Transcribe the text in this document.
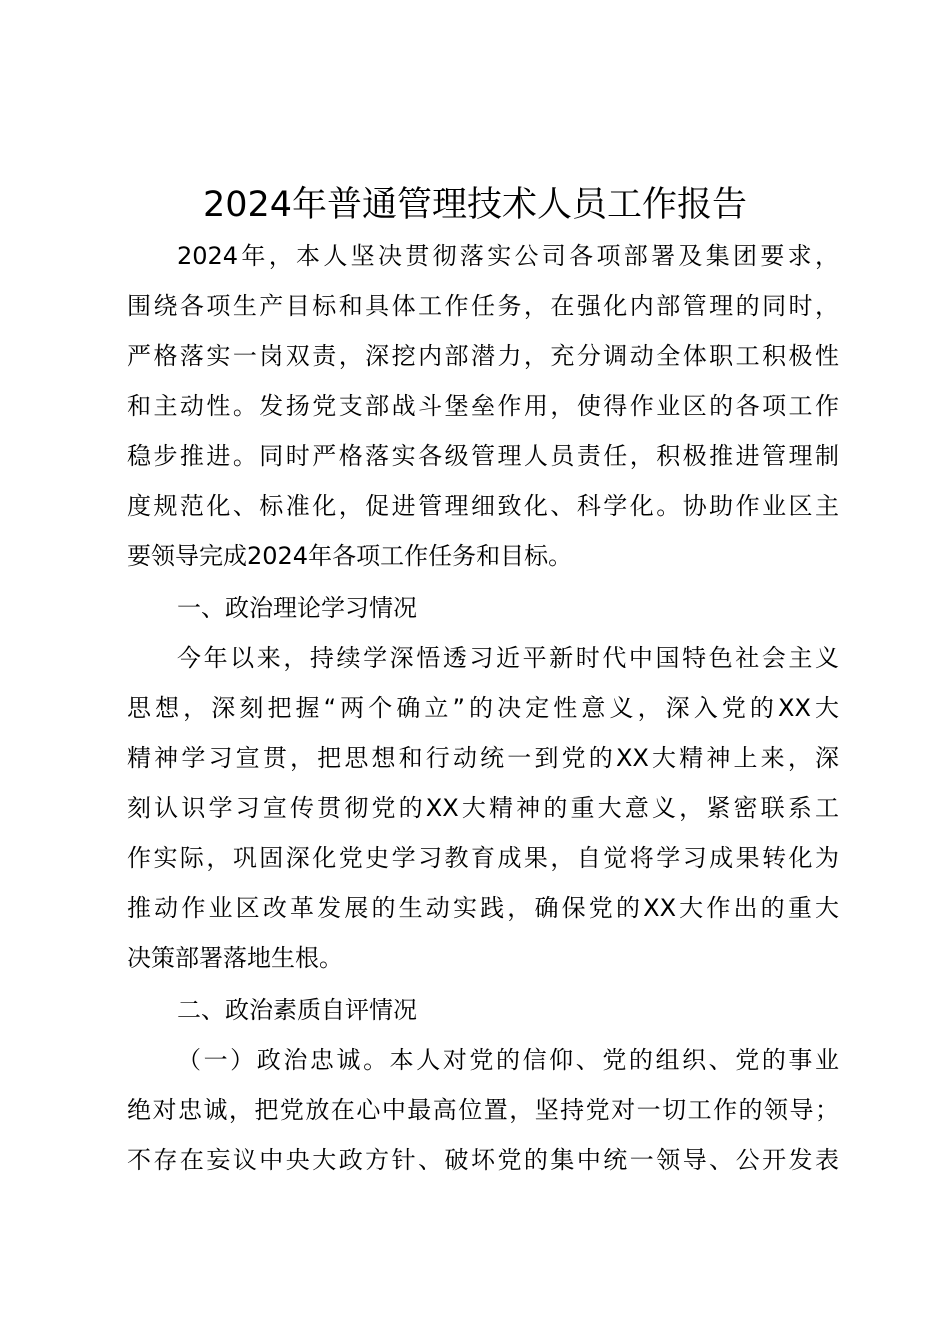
2024年普通管理技术人员工作报告
2024年，本人坚决贯彻落实公司各项部署及集团要求，
围绕各项生产目标和具体工作任务，在强化内部管理的同时，
严格落实一岗双责，深挖内部潜力，充分调动全体职工积极性
和主动性。发扬党支部战斗堡垒作用，使得作业区的各项工作
稳步推进。同时严格落实各级管理人员责任，积极推进管理制
度规范化、标准化，促进管理细致化、科学化。协助作业区主
要领导完成2024年各项工作任务和目标。
一、政治理论学习情况
今年以来，持续学深悟透习近平新时代中国特色社会主义
思想，深刻把握“两个确立”的决定性意义，深入党的XX大
精神学习宣贯，把思想和行动统一到党的XX大精神上来，深
刻认识学习宣传贯彻党的XX大精神的重大意义，紧密联系工
作实际，巩固深化党史学习教育成果，自觉将学习成果转化为
推动作业区改革发展的生动实践，确保党的XX大作出的重大
决策部署落地生根。
二、政治素质自评情况
（一）政治忠诚。本人对党的信仰、党的组织、党的事业
绝对忠诚，把党放在心中最高位置，坚持党对一切工作的领导；
不存在妄议中央大政方针、破坏党的集中统一领导、公开发表
